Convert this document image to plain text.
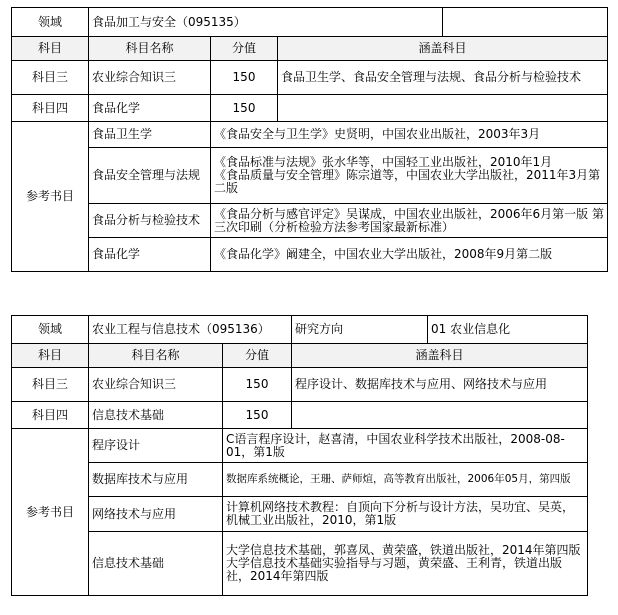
领域	食品加工与安全（095135）			
科目	科目名称	分值	涵盖科目	
科目三	农业综合知识三	150	食品卫生学、食品安全管理与法规、食品分析与检验技术	
科目四	食品化学	150		
参考书目	食品卫生学	《食品安全与卫生学》史贤明，中国农业出版社，2003年3月		

	食品安全管理与法规	《食品标准与法规》张水华等，中国轻工业出版社，2010年1月
《食品质量与安全管理》陈宗道等，中国农业大学出版社，2011年3月第二版		

	食品分析与检验技术	《食品分析与感官评定》吴谋成，中国农业出版社，2006年6月第一版 第三次印刷（分析检验方法参考国家最新标准）		

	食品化学	《食品化学》阚建全，中国农业大学出版社，2008年9月第二版		
领域	农业工程与信息技术（095136）		研究方向	01 农业信息化
科目	科目名称	分值	涵盖科目	
科目三	农业综合知识三	150	程序设计、数据库技术与应用、网络技术与应用	
科目四	信息技术基础	150		
参考书目	程序设计	C语言程序设计，赵喜清，中国农业科学技术出版社，2008-08-01，第1版		

	数据库技术与应用	数据库系统概论，王珊、萨师煊，高等教育出版社，2006年05月，第四版		

	网络技术与应用	计算机网络技术教程：自顶向下分析与设计方法，吴功宜、吴英，机械工业出版社，2010，第1版		

	信息技术基础	大学信息技术基础，郭喜凤、黄荣盛，铁道出版社，2014年第四版
大学信息技术基础实验指导与习题，黄荣盛、王利青，铁道出版社，2014年第四版		
